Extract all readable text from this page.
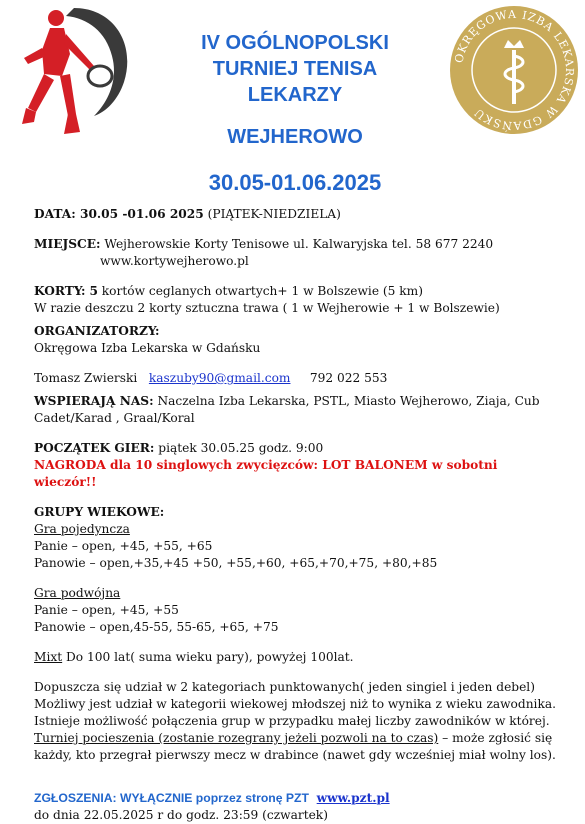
OKRĘGOWA IZBA LEKARSKA W GDAŃSKU
IV OGÓLNOPOLSKI
TURNIEJ TENISA
LEKARZY
WEJHEROWO
30.05-01.06.2025

DATA: 30.05 -01.06 2025 (PIĄTEK-NIEDZIELA)

MIEJSCE: Wejherowskie Korty Tenisowe ul. Kalwaryjska tel. 58 677 2240

www.kortywejherowo.pl

KORTY: 5 kortów ceglanych otwartych+ 1 w Bolszewie (5 km)

W razie deszczu 2 korty sztuczna trawa ( 1 w Wejherowie + 1 w Bolszewie)

ORGANIZATORZY:

Okręgowa Izba Lekarska w Gdańsku

Tomasz Zwierski kaszuby90@gmail.com 792 022 553

WSPIERAJĄ NAS: Naczelna Izba Lekarska, PSTL, Miasto Wejherowo, Ziaja, Cub

Cadet/Karad , Graal/Koral

POCZĄTEK GIER: piątek 30.05.25 godz. 9:00

NAGRODA dla 10 singlowych zwycięzców: LOT BALONEM w sobotni wieczór!!

GRUPY WIEKOWE:

Gra pojedyncza

Panie – open, +45, +55, +65

Panowie – open,+35,+45 +50, +55,+60, +65,+70,+75, +80,+85

Gra podwójna

Panie – open, +45, +55

Panowie – open,45-55, 55-65, +65, +75

Mixt Do 100 lat( suma wieku pary), powyżej 100lat.

Dopuszcza się udział w 2 kategoriach punktowanych( jeden singiel i jeden debel)

Możliwy jest udział w kategorii wiekowej młodszej niż to wynika z wieku zawodnika.

Istnieje możliwość połączenia grup w przypadku małej liczby zawodników w której.

Turniej pocieszenia (zostanie rozegrany jeżeli pozwoli na to czas) – może zgłosić się

każdy, kto przegrał pierwszy mecz w drabince (nawet gdy wcześniej miał wolny los).

ZGŁOSZENIA: WYŁĄCZNIE poprzez stronę PZT www.pzt.pl

do dnia 22.05.2025 r do godz. 23:59 (czwartek)
